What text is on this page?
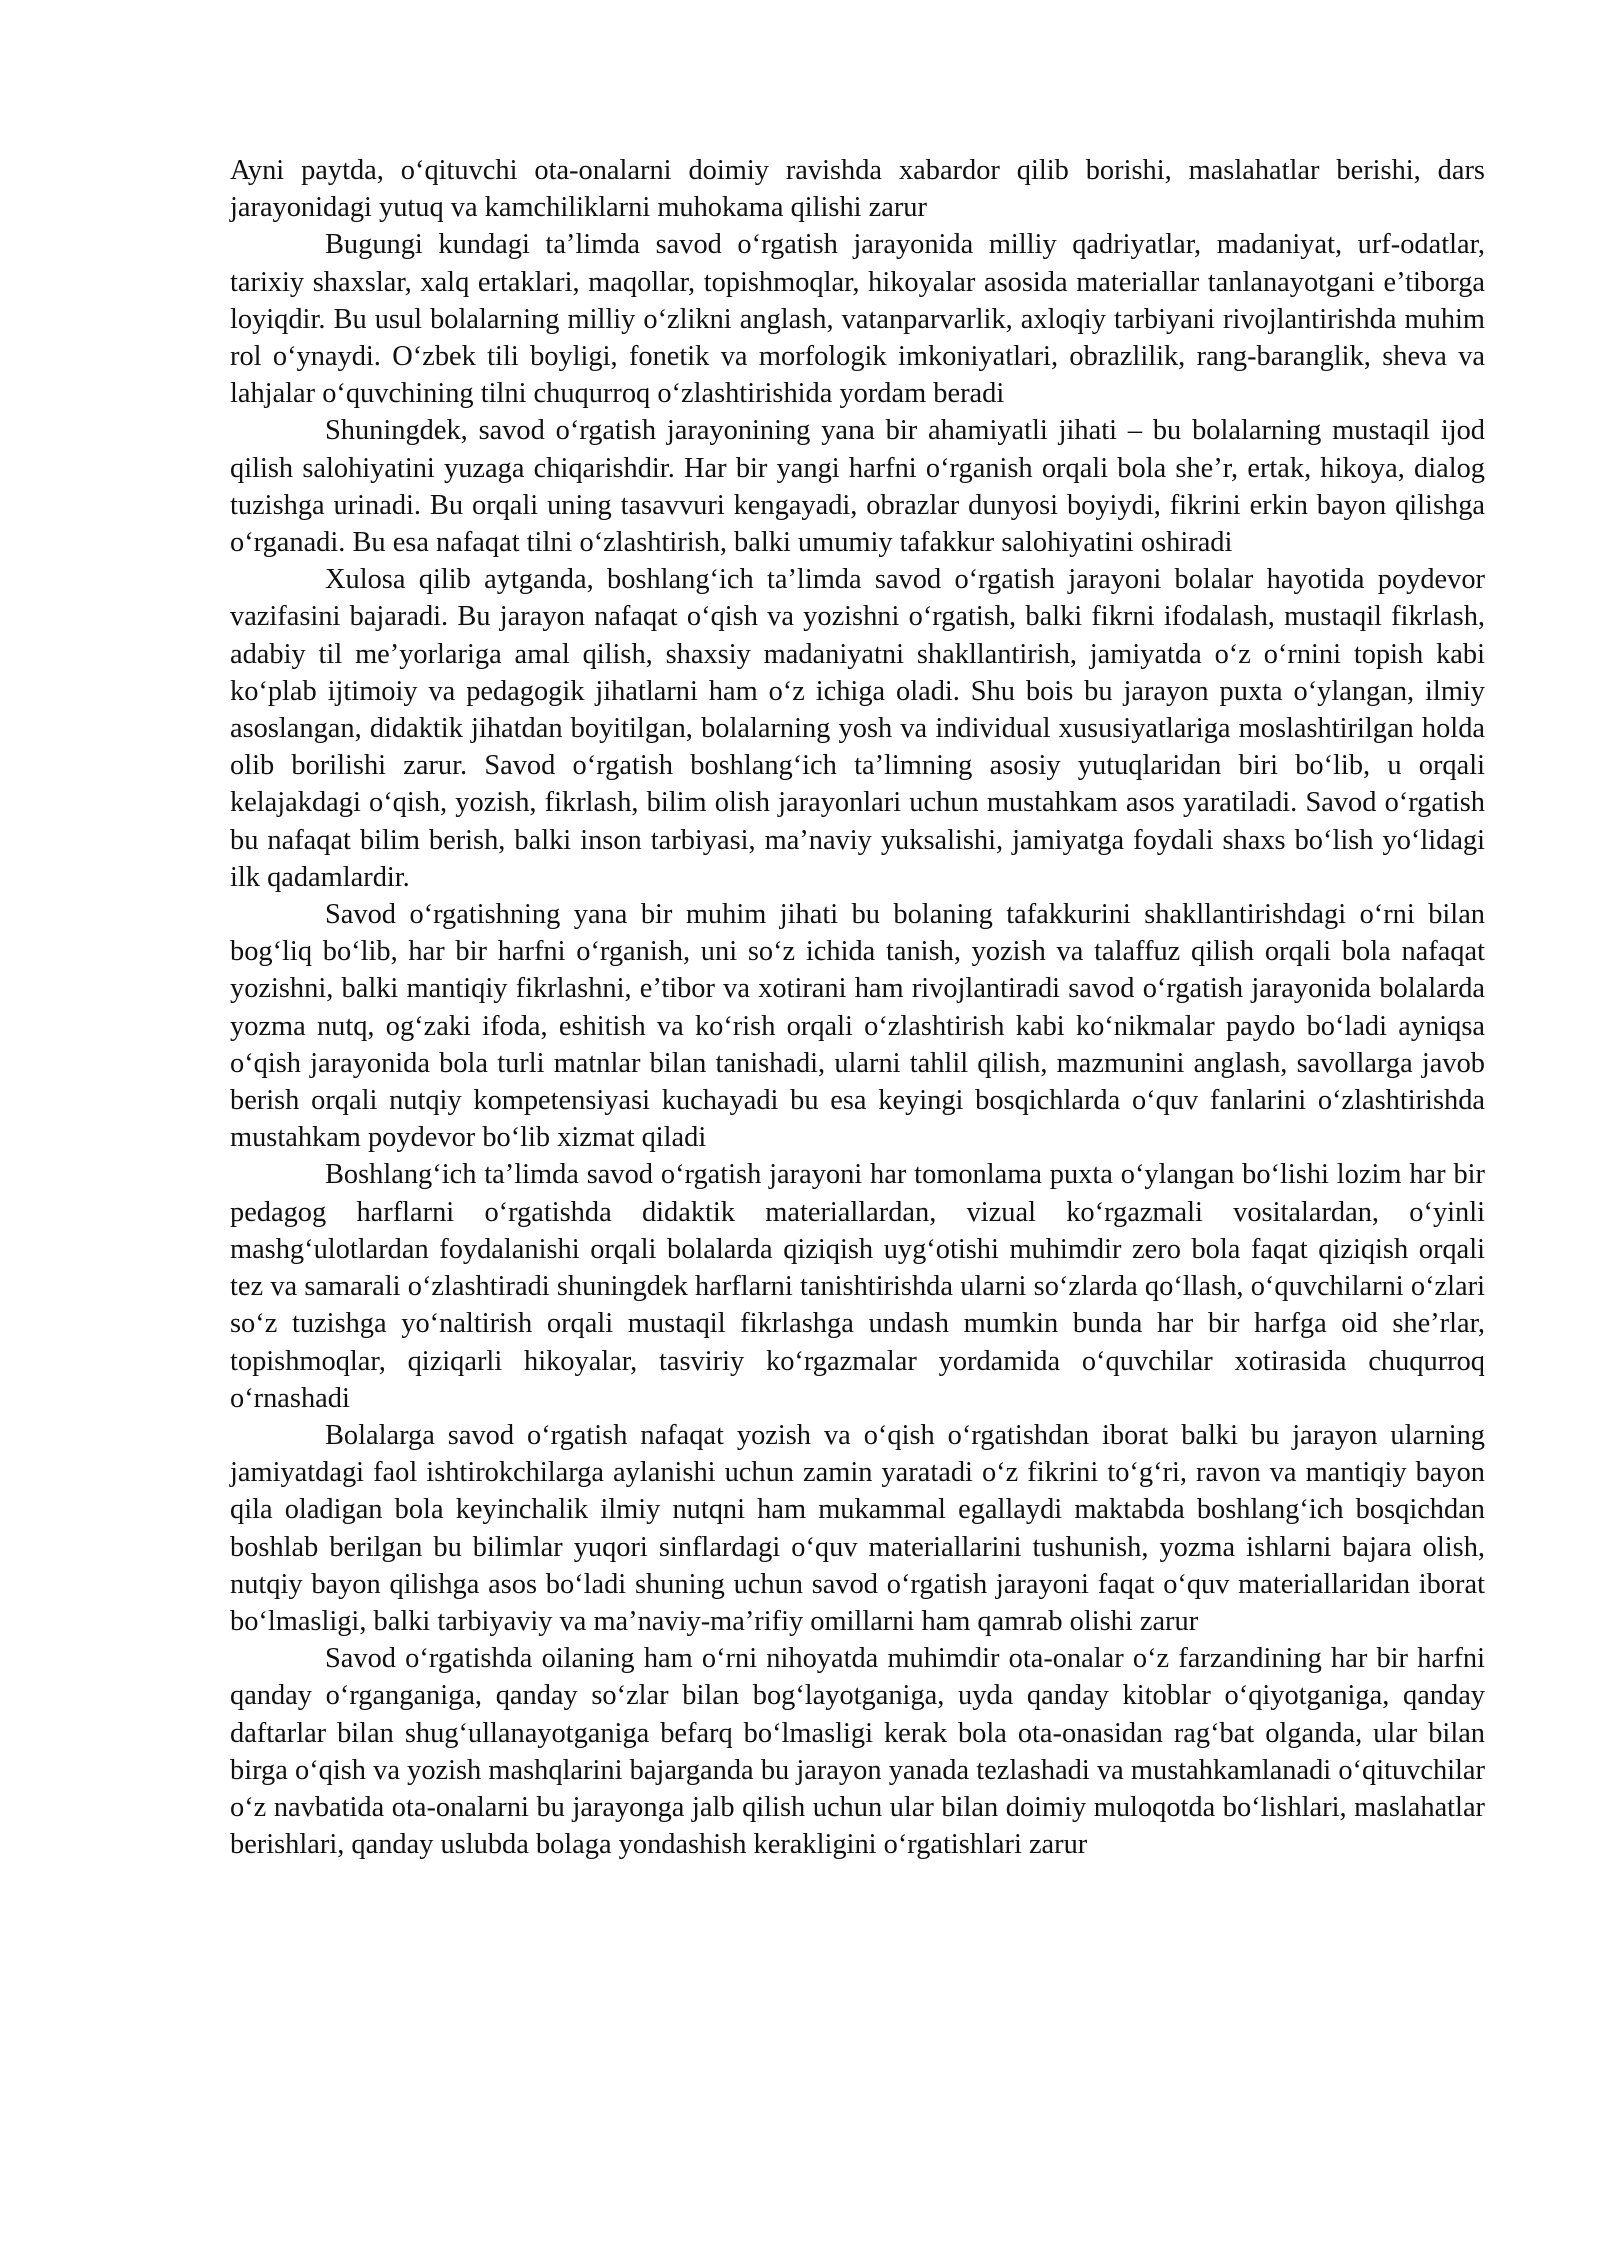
Ayni paytda, o‘qituvchi ota-onalarni doimiy ravishda xabardor qilib borishi, maslahatlar berishi, dars jarayonidagi yutuq va kamchiliklarni muhokama qilishi zarur

Bugungi kundagi ta’limda savod o‘rgatish jarayonida milliy qadriyatlar, madaniyat, urf-odatlar, tarixiy shaxslar, xalq ertaklari, maqollar, topishmoqlar, hikoyalar asosida materiallar tanlanayotgani e’tiborga loyiqdir. Bu usul bolalarning milliy o‘zlikni anglash, vatanparvarlik, axloqiy tarbiyani rivojlantirishda muhim rol o‘ynaydi. O‘zbek tili boyligi, fonetik va morfologik imkoniyatlari, obrazlilik, rang-baranglik, sheva va lahjalar o‘quvchining tilni chuqurroq o‘zlashtirishida yordam beradi

Shuningdek, savod o‘rgatish jarayonining yana bir ahamiyatli jihati – bu bolalarning mustaqil ijod qilish salohiyatini yuzaga chiqarishdir. Har bir yangi harfni o‘rganish orqali bola she’r, ertak, hikoya, dialog tuzishga urinadi. Bu orqali uning tasavvuri kengayadi, obrazlar dunyosi boyiydi, fikrini erkin bayon qilishga o‘rganadi. Bu esa nafaqat tilni o‘zlashtirish, balki umumiy tafakkur salohiyatini oshiradi

Xulosa qilib aytganda, boshlang‘ich ta’limda savod o‘rgatish jarayoni bolalar hayotida poydevor vazifasini bajaradi. Bu jarayon nafaqat o‘qish va yozishni o‘rgatish, balki fikrni ifodalash, mustaqil fikrlash, adabiy til me’yorlariga amal qilish, shaxsiy madaniyatni shakllantirish, jamiyatda o‘z o‘rnini topish kabi ko‘plab ijtimoiy va pedagogik jihatlarni ham o‘z ichiga oladi. Shu bois bu jarayon puxta o‘ylangan, ilmiy asoslangan, didaktik jihatdan boyitilgan, bolalarning yosh va individual xususiyatlariga moslashtirilgan holda olib borilishi zarur. Savod o‘rgatish boshlang‘ich ta’limning asosiy yutuqlaridan biri bo‘lib, u orqali kelajakdagi o‘qish, yozish, fikrlash, bilim olish jarayonlari uchun mustahkam asos yaratiladi. Savod o‘rgatish bu nafaqat bilim berish, balki inson tarbiyasi, ma’naviy yuksalishi, jamiyatga foydali shaxs bo‘lish yo‘lidagi ilk qadamlardir.

Savod o‘rgatishning yana bir muhim jihati bu bolaning tafakkurini shakllantirishdagi o‘rni bilan bog‘liq bo‘lib, har bir harfni o‘rganish, uni so‘z ichida tanish, yozish va talaffuz qilish orqali bola nafaqat yozishni, balki mantiqiy fikrlashni, e’tibor va xotirani ham rivojlantiradi savod o‘rgatish jarayonida bolalarda yozma nutq, og‘zaki ifoda, eshitish va ko‘rish orqali o‘zlashtirish kabi ko‘nikmalar paydo bo‘ladi ayniqsa o‘qish jarayonida bola turli matnlar bilan tanishadi, ularni tahlil qilish, mazmunini anglash, savollarga javob berish orqali nutqiy kompetensiyasi kuchayadi bu esa keyingi bosqichlarda o‘quv fanlarini o‘zlashtirishda mustahkam poydevor bo‘lib xizmat qiladi

Boshlang‘ich ta’limda savod o‘rgatish jarayoni har tomonlama puxta o‘ylangan bo‘lishi lozim har bir pedagog harflarni o‘rgatishda didaktik materiallardan, vizual ko‘rgazmali vositalardan, o‘yinli mashg‘ulotlardan foydalanishi orqali bolalarda qiziqish uyg‘otishi muhimdir zero bola faqat qiziqish orqali tez va samarali o‘zlashtiradi shuningdek harflarni tanishtirishda ularni so‘zlarda qo‘llash, o‘quvchilarni o‘zlari so‘z tuzishga yo‘naltirish orqali mustaqil fikrlashga undash mumkin bunda har bir harfga oid she’rlar, topishmoqlar, qiziqarli hikoyalar, tasviriy ko‘rgazmalar yordamida o‘quvchilar xotirasida chuqurroq o‘rnashadi

Bolalarga savod o‘rgatish nafaqat yozish va o‘qish o‘rgatishdan iborat balki bu jarayon ularning jamiyatdagi faol ishtirokchilarga aylanishi uchun zamin yaratadi o‘z fikrini to‘g‘ri, ravon va mantiqiy bayon qila oladigan bola keyinchalik ilmiy nutqni ham mukammal egallaydi maktabda boshlang‘ich bosqichdan boshlab berilgan bu bilimlar yuqori sinflardagi o‘quv materiallarini tushunish, yozma ishlarni bajara olish, nutqiy bayon qilishga asos bo‘ladi shuning uchun savod o‘rgatish jarayoni faqat o‘quv materiallaridan iborat bo‘lmasligi, balki tarbiyaviy va ma’naviy-ma’rifiy omillarni ham qamrab olishi zarur

Savod o‘rgatishda oilaning ham o‘rni nihoyatda muhimdir ota-onalar o‘z farzandining har bir harfni qanday o‘rganganiga, qanday so‘zlar bilan bog‘layotganiga, uyda qanday kitoblar o‘qiyotganiga, qanday daftarlar bilan shug‘ullanayotganiga befarq bo‘lmasligi kerak bola ota-onasidan rag‘bat olganda, ular bilan birga o‘qish va yozish mashqlarini bajarganda bu jarayon yanada tezlashadi va mustahkamlanadi o‘qituvchilar o‘z navbatida ota-onalarni bu jarayonga jalb qilish uchun ular bilan doimiy muloqotda bo‘lishlari, maslahatlar berishlari, qanday uslubda bolaga yondashish kerakligini o‘rgatishlari zarur
